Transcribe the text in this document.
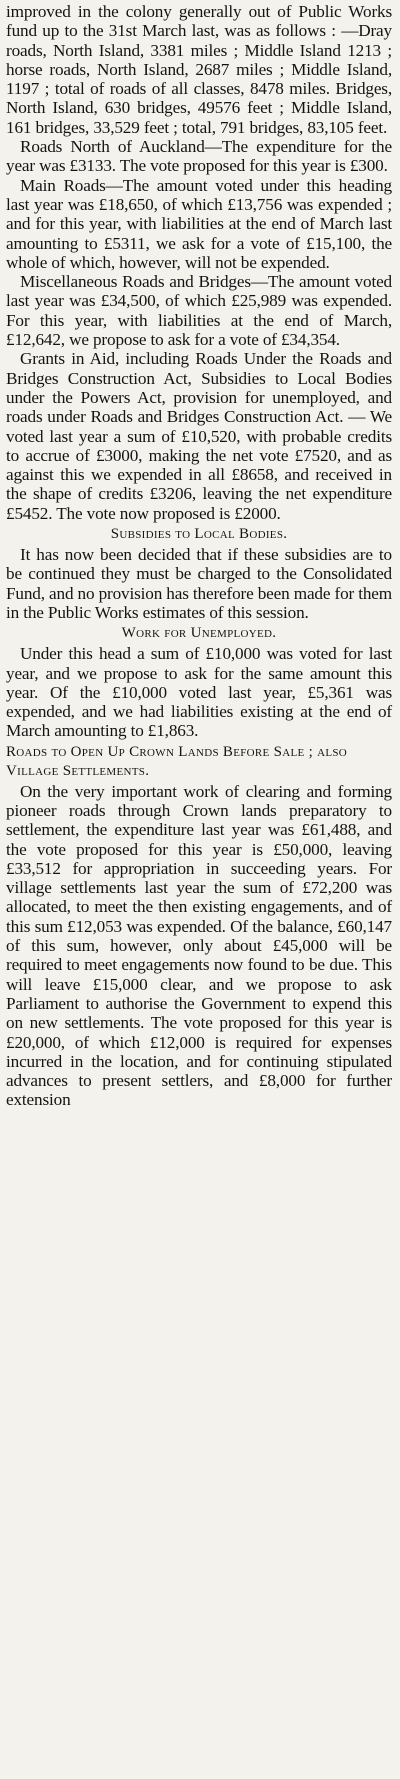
improved in the colony generally out of Public Works fund up to the 31st March last, was as follows : —Dray roads, North Island, 3381 miles ; Middle Island 1213 ; horse roads, North Island, 2687 miles ; Middle Island, 1197 ; total of roads of all classes, 8478 miles. Bridges, North Island, 630 bridges, 49576 feet ; Middle Island, 161 bridges, 33,529 feet ; total, 791 bridges, 83,105 feet.

Roads North of Auckland—The expenditure for the year was £3133. The vote proposed for this year is £300.

Main Roads—The amount voted under this heading last year was £18,650, of which £13,756 was expended ; and for this year, with liabilities at the end of March last amounting to £5311, we ask for a vote of £15,100, the whole of which, however, will not be expended.

Miscellaneous Roads and Bridges—The amount voted last year was £34,500, of which £25,989 was expended. For this year, with liabilities at the end of March, £12,642, we propose to ask for a vote of £34,354.

Grants in Aid, including Roads Under the Roads and Bridges Construction Act, Subsidies to Local Bodies under the Powers Act, provision for unemployed, and roads under Roads and Bridges Construction Act. — We voted last year a sum of £10,520, with probable credits to accrue of £3000, making the net vote £7520, and as against this we expended in all £8658, and received in the shape of credits £3206, leaving the net expenditure £5452. The vote now proposed is £2000.

Subsidies to Local Bodies.

It has now been decided that if these subsidies are to be continued they must be charged to the Consolidated Fund, and no provision has therefore been made for them in the Public Works estimates of this session.

Work for Unemployed.

Under this head a sum of £10,000 was voted for last year, and we propose to ask for the same amount this year. Of the £10,000 voted last year, £5,361 was expended, and we had liabilities existing at the end of March amounting to £1,863.

Roads to Open Up Crown Lands Before Sale ; also Village Settlements.

On the very important work of clearing and forming pioneer roads through Crown lands preparatory to settlement, the expenditure last year was £61,488, and the vote proposed for this year is £50,000, leaving £33,512 for appropriation in succeeding years. For village settlements last year the sum of £72,200 was allocated, to meet the then existing engagements, and of this sum £12,053 was expended. Of the balance, £60,147 of this sum, however, only about £45,000 will be required to meet engagements now found to be due. This will leave £15,000 clear, and we propose to ask Parliament to authorise the Government to expend this on new settlements. The vote proposed for this year is £20,000, of which £12,000 is required for expenses incurred in the location, and for continuing stipulated advances to present settlers, and £8,000 for further extension
